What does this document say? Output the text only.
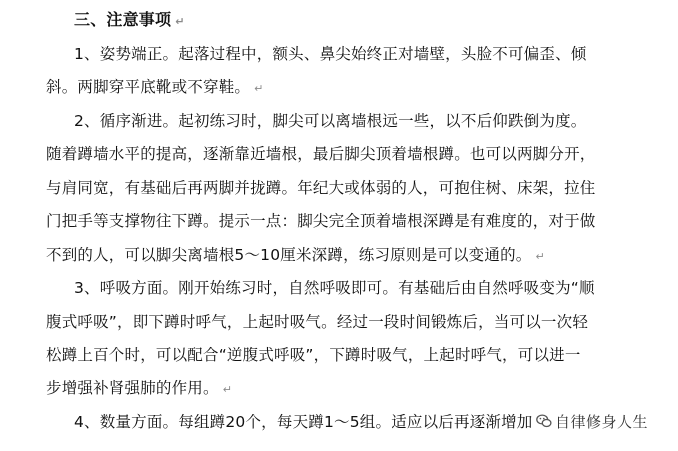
三、注意事项 ↵
1、姿势端正。起落过程中，额头、鼻尖始终正对墙壁，头脸不可偏歪、倾
斜。两脚穿平底靴或不穿鞋。 ↵
2、循序渐进。起初练习时，脚尖可以离墙根远一些，以不后仰跌倒为度。
随着蹲墙水平的提高，逐渐靠近墙根，最后脚尖顶着墙根蹲。也可以两脚分开，
与肩同宽，有基础后再两脚并拢蹲。年纪大或体弱的人，可抱住树、床架，拉住
门把手等支撑物往下蹲。提示一点：脚尖完全顶着墙根深蹲是有难度的，对于做
不到的人，可以脚尖离墙根5～10厘米深蹲，练习原则是可以变通的。 ↵
3、呼吸方面。刚开始练习时，自然呼吸即可。有基础后由自然呼吸变为“顺
腹式呼吸”，即下蹲时呼气，上起时吸气。经过一段时间锻炼后，当可以一次轻
松蹲上百个时，可以配合“逆腹式呼吸”，下蹲时吸气，上起时呼气，可以进一
步增强补肾强肺的作用。 ↵
4、数量方面。每组蹲20个，每天蹲1～5组。适应以后再逐渐增加 自律修身人生
